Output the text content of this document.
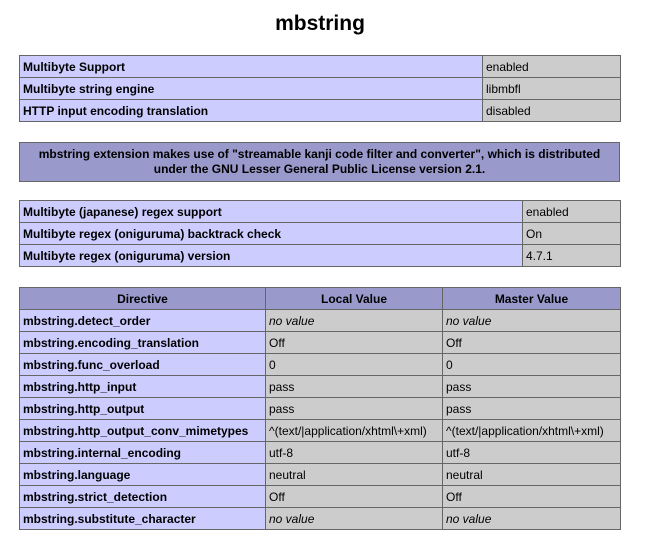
mbstring
Multibyte Support	enabled
Multibyte string engine	libmbfl
HTTP input encoding translation	disabled
mbstring extension makes use of "streamable kanji code filter and converter", which is distributed under the GNU Lesser General Public License version 2.1.
Multibyte (japanese) regex support	enabled
Multibyte regex (oniguruma) backtrack check	On
Multibyte regex (oniguruma) version	4.7.1
Directive	Local Value	Master Value
mbstring.detect_order	no value	no value
mbstring.encoding_translation	Off	Off
mbstring.func_overload	0	0
mbstring.http_input	pass	pass
mbstring.http_output	pass	pass
mbstring.http_output_conv_mimetypes	^(text/|application/xhtml\+xml)	^(text/|application/xhtml\+xml)
mbstring.internal_encoding	utf-8	utf-8
mbstring.language	neutral	neutral
mbstring.strict_detection	Off	Off
mbstring.substitute_character	no value	no value
